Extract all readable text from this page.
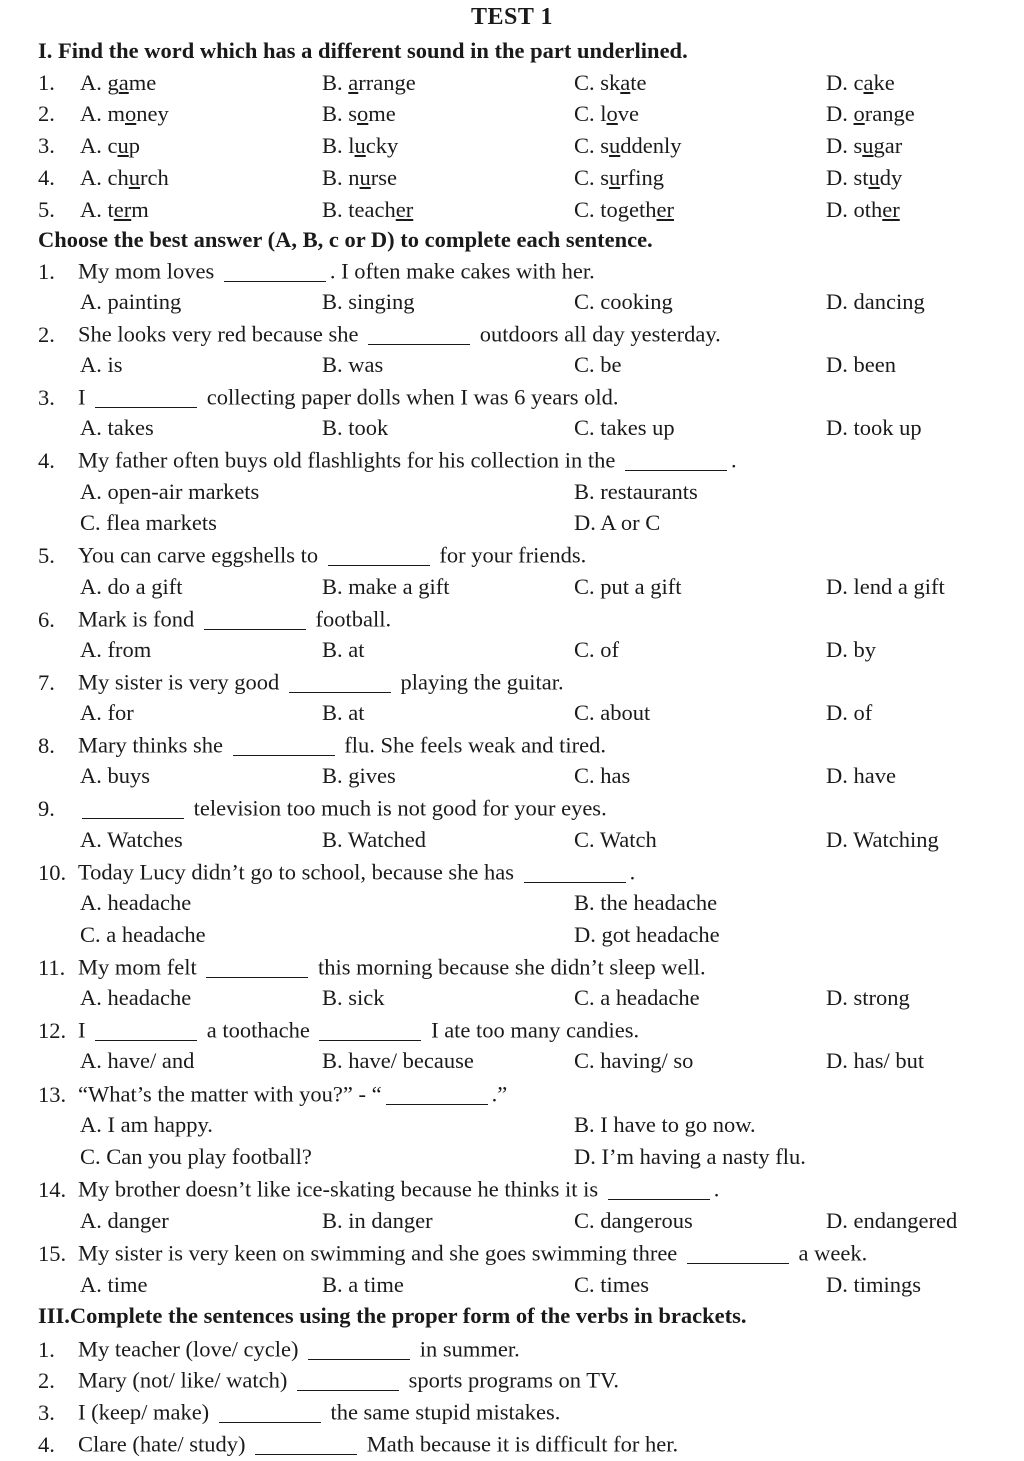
TEST 1
I. Find the word which has a different sound in the part underlined.
1. A. game	B. arrange	C. skate	D. cake
2. A. money	B. some	C. love	D. orange
3. A. cup	B. lucky	C. suddenly	D. sugar
4. A. church	B. nurse	C. surfing	D. study
5. A. term	B. teacher	C. together	D. other
Choose the best answer (A, B, c or D) to complete each sentence.
1. My mom loves	. I often make cakes with her.
A. painting	B. singing	C. cooking	D. dancing
2. She looks very red because she	outdoors all day yesterday.
A. is	B. was	C. be	D. been
3. I	collecting paper dolls when I was 6 years old.
A. takes	B. took	C. takes up	D. took up
4. My father often buys old flashlights for his collection in the	.
A. open-air markets	B. restaurants
C. flea markets	D. A or C
5. You can carve eggshells to	for your friends.
A. do a gift	B. make a gift	C. put a gift	D. lend a gift
6. Mark is fond	football.
A. from	B. at	C. of	D. by
7. My sister is very good	playing the guitar.
A. for	B. at	C. about	D. of
8. Mary thinks she	flu. She feels weak and tired.
A. buys	B. gives	C. has	D. have
9.	television too much is not good for your eyes.
A. Watches	B. Watched	C. Watch	D. Watching
10. Today Lucy didn’t go to school, because she has	.
A. headache	B. the headache
C. a headache	D. got headache
11. My mom felt	this morning because she didn’t sleep well.
A. headache	B. sick	C. a headache	D. strong
12. I	a toothache	I ate too many candies.
A. have/ and	B. have/ because	C. having/ so	D. has/ but
13. “What’s the matter with you?” - “	.”
A. I am happy.	B. I have to go now.
C. Can you play football?	D. I’m having a nasty flu.
14. My brother doesn’t like ice-skating because he thinks it is	.
A. danger	B. in danger	C. dangerous	D. endangered
15. My sister is very keen on swimming and she goes swimming three	a week.
A. time	B. a time	C. times	D. timings
III.Complete the sentences using the proper form of the verbs in brackets.
1. My teacher (love/ cycle)	in summer.
2. Mary (not/ like/ watch)	sports programs on TV.
3. I (keep/ make)	the same stupid mistakes.
4. Clare (hate/ study)	Math because it is difficult for her.
